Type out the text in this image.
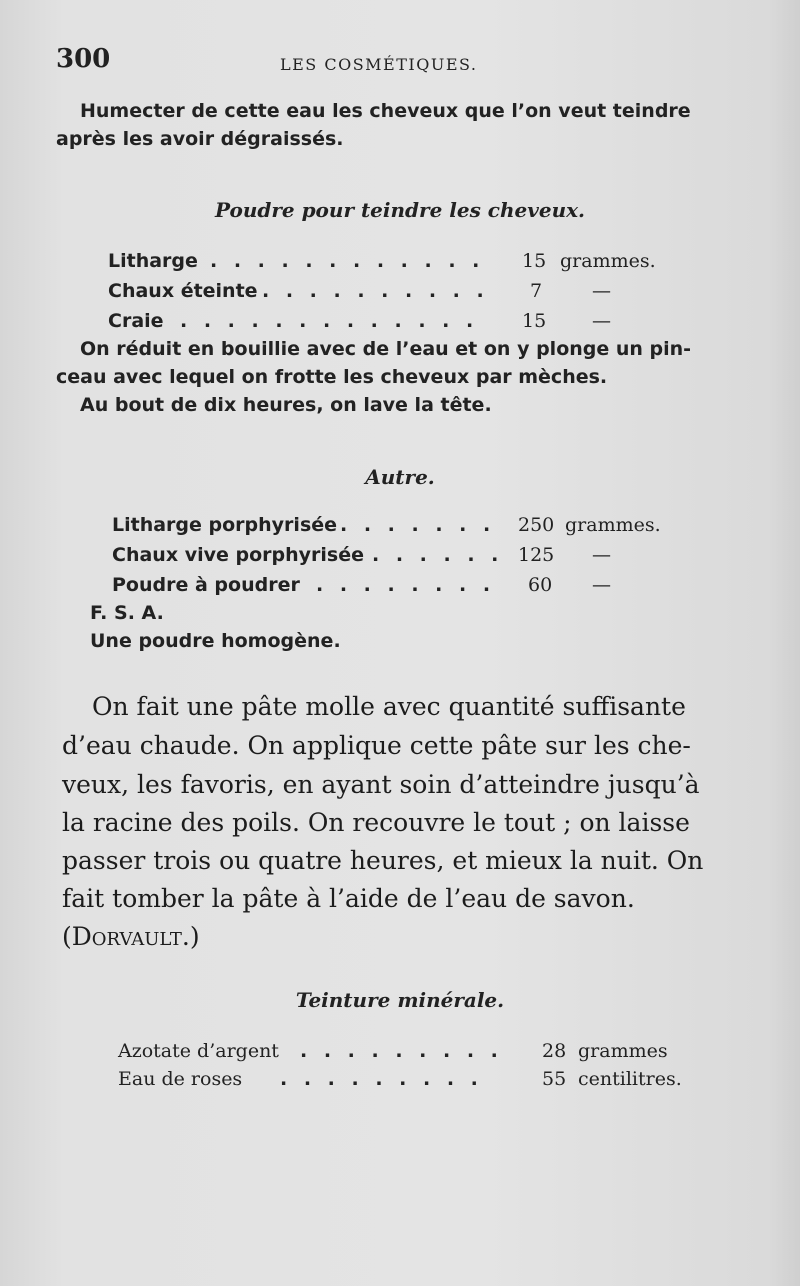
300	LES COSMÉTIQUES.
Humecter de cette eau les cheveux que l’on veut teindre
après les avoir dégraissés.
Poudre pour teindre les cheveux.
Litharge . . . . . . . . . . . . 15 grammes.
Chaux éteinte . . . . . . . . . . 7	—
Craie . . . . . . . . . . . . . 15 —
On réduit en bouillie avec de l’eau et on y plonge un pin-
ceau avec lequel on frotte les cheveux par mèches.
Au bout de dix heures, on lave la tête.
Autre.
Litharge porphyrisée . . . . . . . 250 grammes.
Chaux vive porphyrisée . . . . . . 125 —
Poudre à poudrer . . . . . . . . 60 —
F. S. A.
Une poudre homogène.
On fait une pâte molle avec quantité suffisante
d’eau chaude. On applique cette pâte sur les che-
veux, les favoris, en ayant soin d’atteindre jusqu’à
la racine des poils. On recouvre le tout ; on laisse
passer trois ou quatre heures, et mieux la nuit. On
fait tomber la pâte à l’aide de l’eau de savon.
(Dorvault.)
Teinture minérale.
Azotate d’argent . . . . . . . . . 28 grammes
Eau de roses . . . . . . . . .	55 centilitres.
